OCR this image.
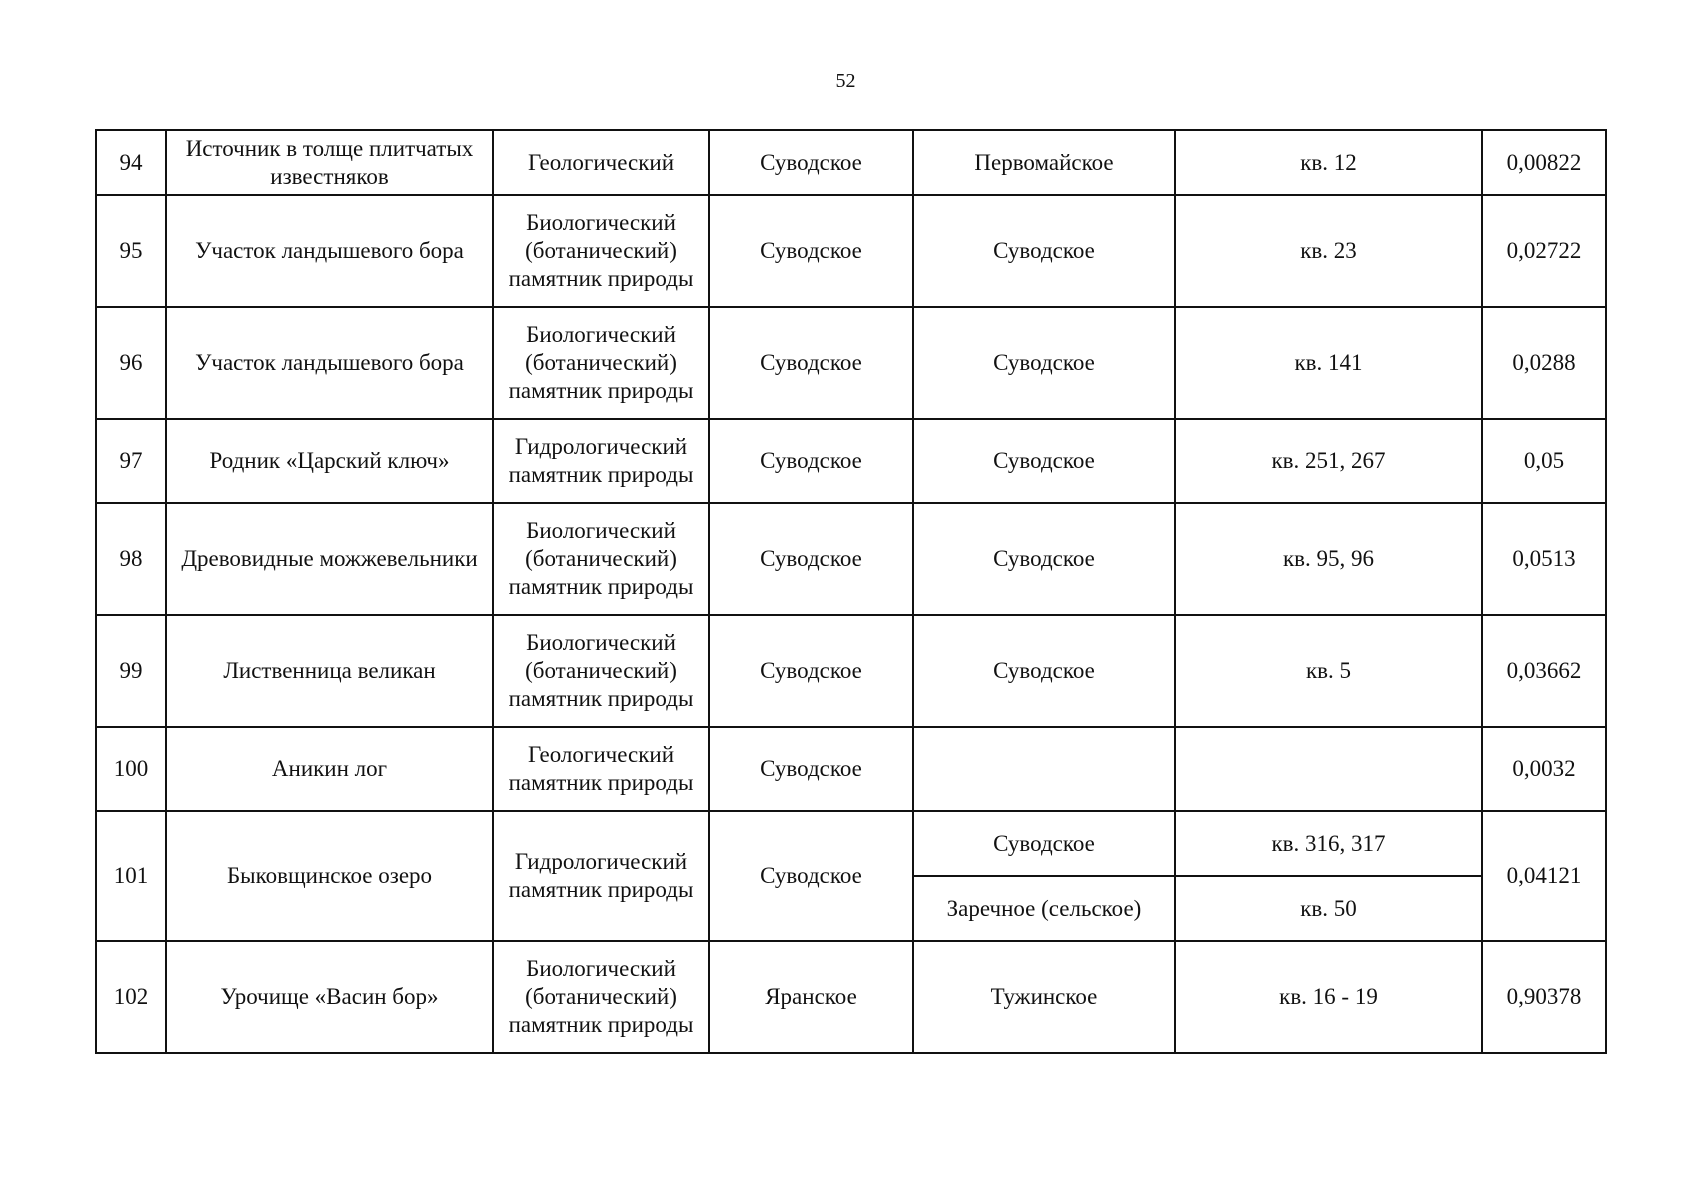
52
94	Источник в толще плитчатых известняков	Геологический	Суводское	Первомайское	кв. 12	0,00822
95	Участок ландышевого бора	Биологический (ботанический) памятник природы	Суводское	Суводское	кв. 23	0,02722
96	Участок ландышевого бора	Биологический (ботанический) памятник природы	Суводское	Суводское	кв. 141	0,0288
97	Родник «Царский ключ»	Гидрологический памятник природы	Суводское	Суводское	кв. 251, 267	0,05
98	Древовидные можжевельники	Биологический (ботанический) памятник природы	Суводское	Суводское	кв. 95, 96	0,0513
99	Лиственница великан	Биологический (ботанический) памятник природы	Суводское	Суводское	кв. 5	0,03662
100	Аникин лог	Геологический памятник природы	Суводское			0,0032
101	Быковщинское озеро	Гидрологический памятник природы	Суводское	Суводское	кв. 316, 317	0,04121
				Заречное (сельское)	кв. 50	
102	Урочище «Васин бор»	Биологический (ботанический) памятник природы	Яранское	Тужинское	кв. 16 - 19	0,90378
